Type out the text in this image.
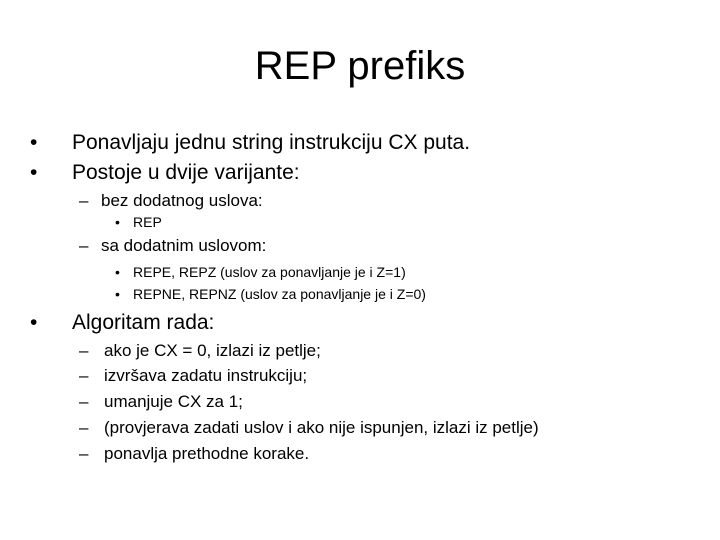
REP prefiks
• Ponavljaju jednu string instrukciju CX puta.
• Postoje u dvije varijante:
– bez dodatnog uslova:
• REP
– sa dodatnim uslovom:
• REPE, REPZ (uslov za ponavljanje je i Z=1)
• REPNE, REPNZ (uslov za ponavljanje je i Z=0)
• Algoritam rada:
– ako je CX = 0, izlazi iz petlje;
– izvršava zadatu instrukciju;
– umanjuje CX za 1;
– (provjerava zadati uslov i ako nije ispunjen, izlazi iz petlje)
– ponavlja prethodne korake.
